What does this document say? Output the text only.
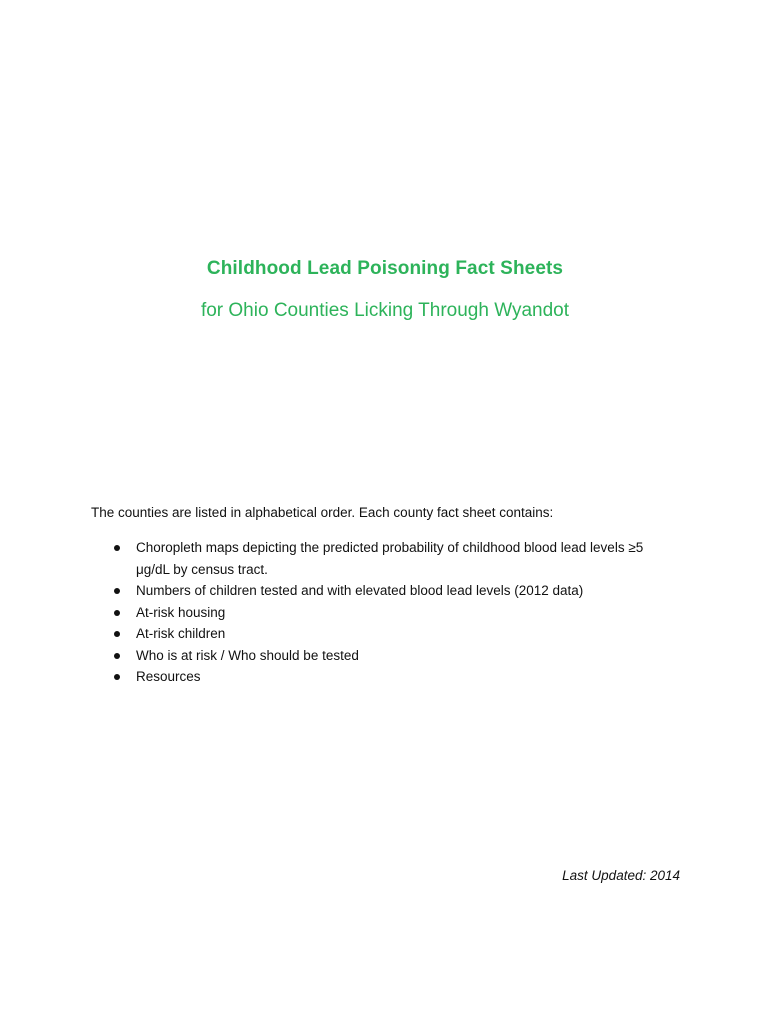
Childhood Lead Poisoning Fact Sheets
for Ohio Counties Licking Through Wyandot
The counties are listed in alphabetical order. Each county fact sheet contains:
Choropleth maps depicting the predicted probability of childhood blood lead levels ≥5 μg/dL by census tract.
Numbers of children tested and with elevated blood lead levels (2012 data)
At-risk housing
At-risk children
Who is at risk / Who should be tested
Resources
Last Updated: 2014
